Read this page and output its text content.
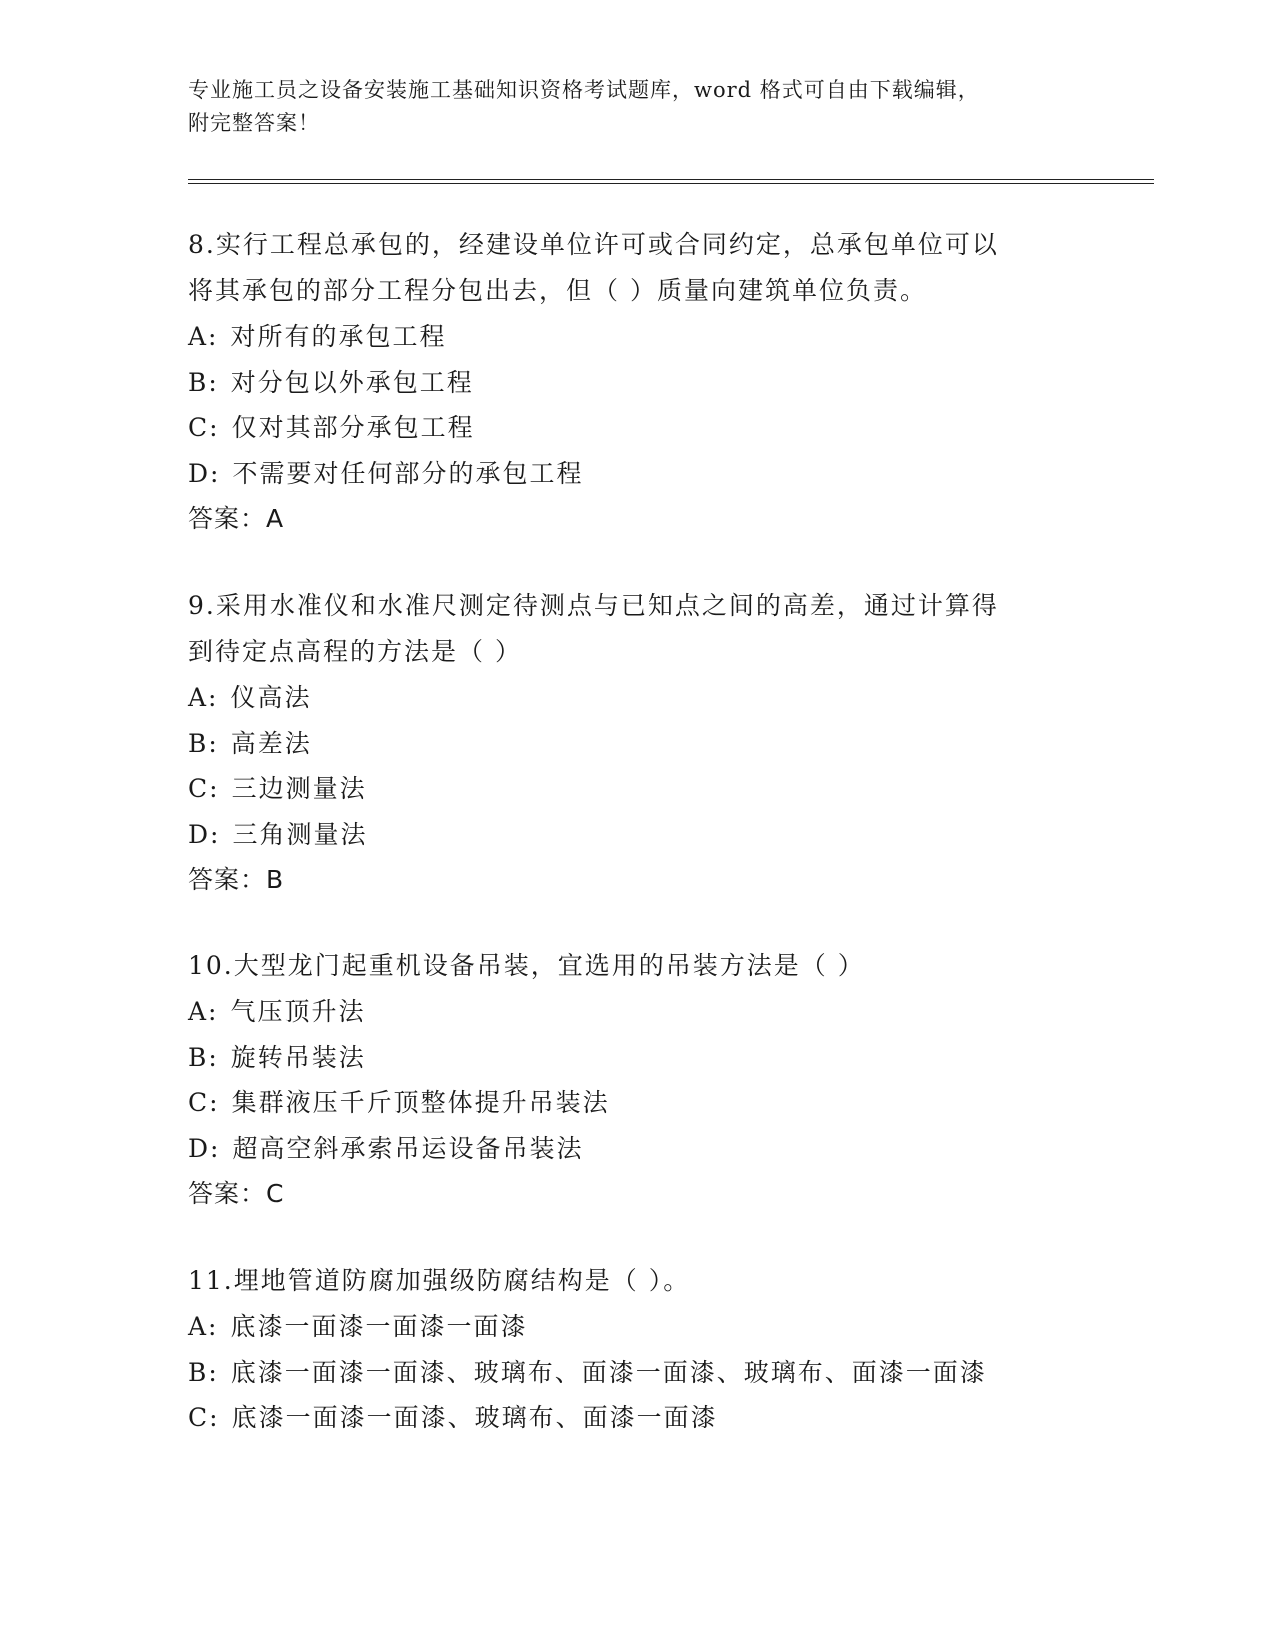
专业施工员之设备安装施工基础知识资格考试题库，word 格式可自由下载编辑，
附完整答案！
8.实行工程总承包的，经建设单位许可或合同约定，总承包单位可以
将其承包的部分工程分包出去，但（ ）质量向建筑单位负责。
A: 对所有的承包工程
B: 对分包以外承包工程
C: 仅对其部分承包工程
D: 不需要对任何部分的承包工程
答案：A
9.采用水准仪和水准尺测定待测点与已知点之间的高差，通过计算得
到待定点高程的方法是（ ）
A: 仪高法
B: 高差法
C: 三边测量法
D: 三角测量法
答案：B
10.大型龙门起重机设备吊装，宜选用的吊装方法是（ ）
A: 气压顶升法
B: 旋转吊装法
C: 集群液压千斤顶整体提升吊装法
D: 超高空斜承索吊运设备吊装法
答案：C
11.埋地管道防腐加强级防腐结构是（ ）。
A: 底漆一面漆一面漆一面漆
B: 底漆一面漆一面漆、玻璃布、面漆一面漆、玻璃布、面漆一面漆
C: 底漆一面漆一面漆、玻璃布、面漆一面漆
